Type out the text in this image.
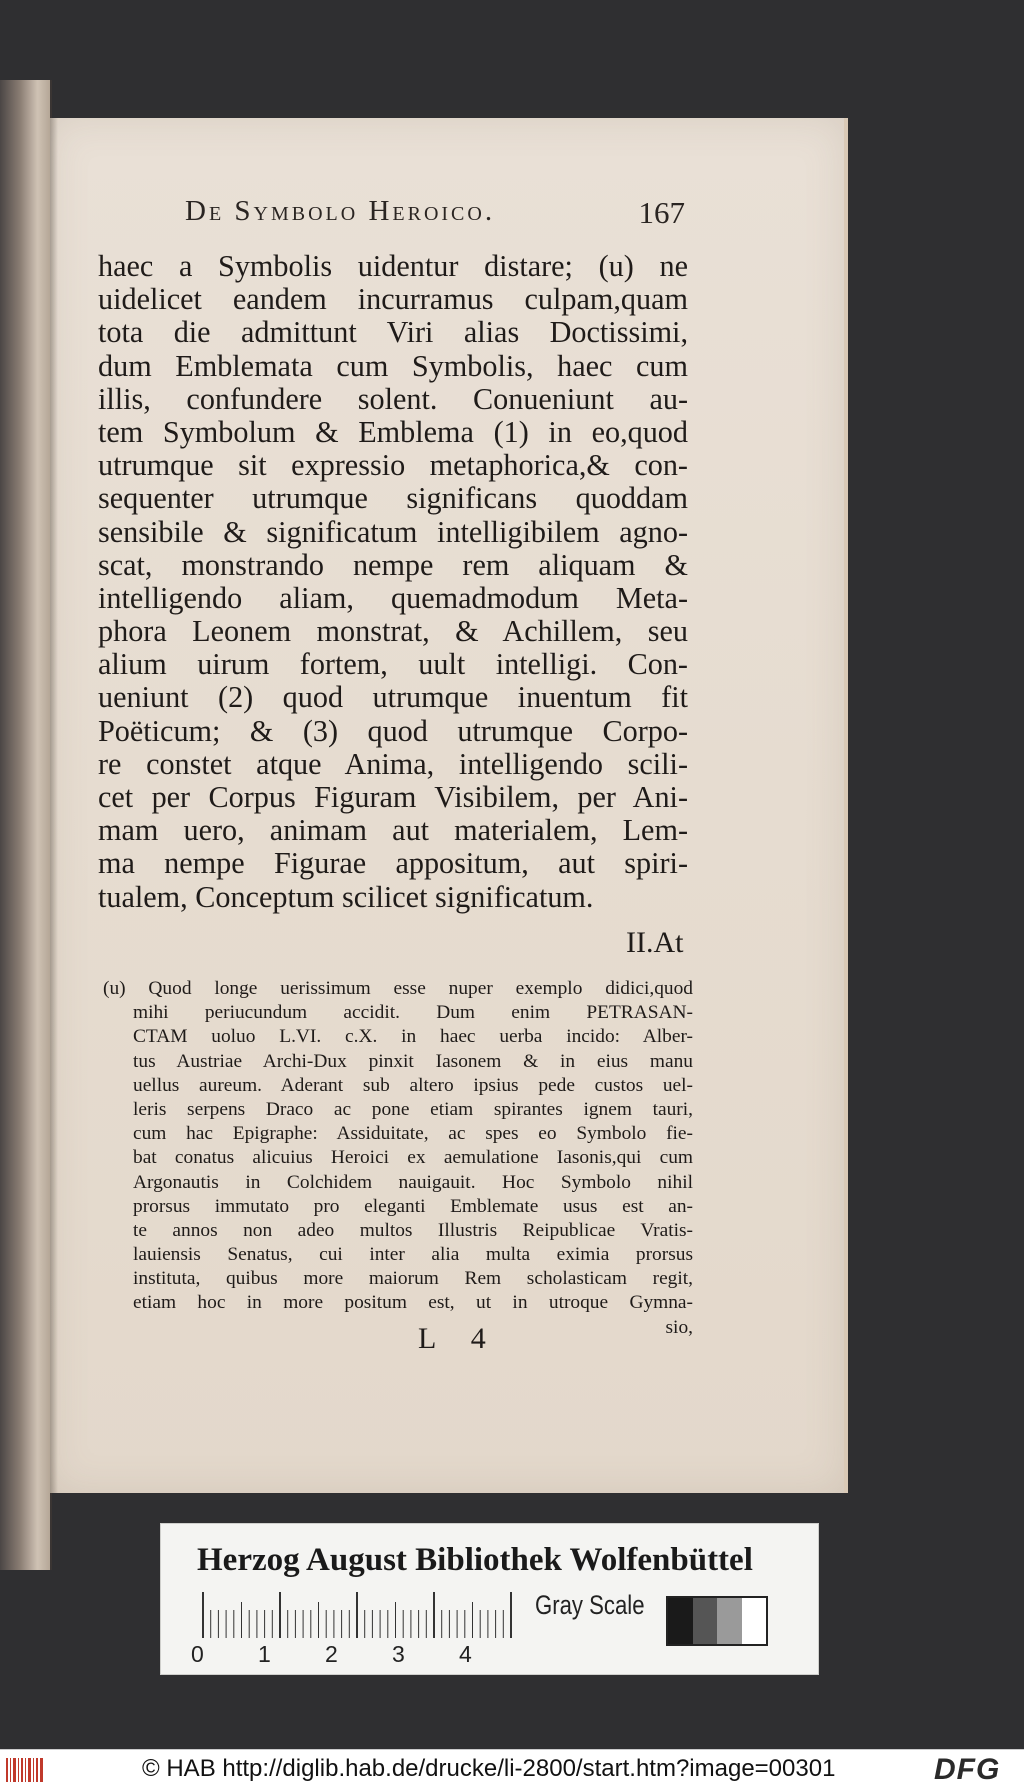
De Symbolo Heroico.	167
haec a Symbolis uidentur distare; (u) ne
uidelicet eandem incurramus culpam,quam
tota die admittunt Viri alias Doctissimi,
dum Emblemata cum Symbolis, haec cum
illis, confundere solent. Conueniunt au-
tem Symbolum & Emblema (1) in eo,quod
utrumque sit expressio metaphorica,& con-
sequenter utrumque significans quoddam
sensibile & significatum intelligibilem agno-
scat, monstrando nempe rem aliquam &
intelligendo aliam, quemadmodum Meta-
phora Leonem monstrat, & Achillem, seu
alium uirum fortem, uult intelligi. Con-
ueniunt (2) quod utrumque inuentum fit
Poëticum; & (3) quod utrumque Corpo-
re constet atque Anima, intelligendo scili-
cet per Corpus Figuram Visibilem, per Ani-
mam uero, animam aut materialem, Lem-
ma nempe Figurae appositum, aut spiri-
tualem, Conceptum scilicet significatum.
II.At
(u) Quod longe uerissimum esse nuper exemplo didici,quod
mihi periucundum accidit. Dum enim PETRASAN-
CTAM uoluo L.VI. c.X. in haec uerba incido: Alber-
tus Austriae Archi-Dux pinxit Iasonem & in eius manu
uellus aureum. Aderant sub altero ipsius pede custos uel-
leris serpens Draco ac pone etiam spirantes ignem tauri,
cum hac Epigraphe: Assiduitate, ac spes eo Symbolo fie-
bat conatus alicuius Heroici ex aemulatione Iasonis,qui cum
Argonautis in Colchidem nauigauit. Hoc Symbolo nihil
prorsus immutato pro eleganti Emblemate usus est an-
te annos non adeo multos Illustris Reipublicae Vratis-
lauiensis Senatus, cui inter alia multa eximia prorsus
instituta, quibus more maiorum Rem scholasticam regit,
etiam hoc in more positum est, ut in utroque Gymna-
sio,
L 4
Herzog August Bibliothek Wolfenbüttel
0 1 2 3 4
Gray Scale
© HAB http://diglib.hab.de/drucke/li-2800/start.htm?image=00301	DFG
